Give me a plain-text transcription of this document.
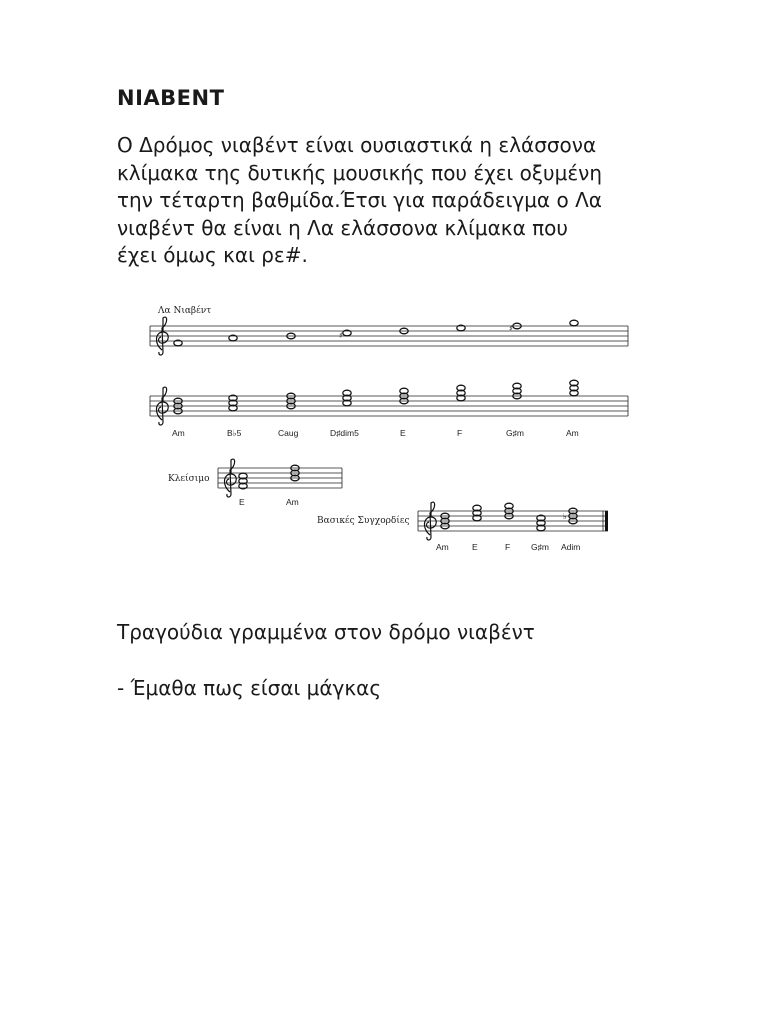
NIABENT
Ο Δρόμος νιαβέντ είναι ουσιαστικά η ελάσσονα
κλίμακα της δυτικής μουσικής που έχει οξυμένη
την τέταρτη βαθμίδα.Έτσι για παράδειγμα ο Λα
νιαβέντ θα είναι η Λα ελάσσονα κλίμακα που
έχει όμως και ρε#.
Λα Νιαβέντ
♯
♯
Am	B♭5	Caug	D♯dim5	E	F	G♯m	Am
Κλείσιμο
E	Am
Βασικές Συγχορδίες	♭
Am	E	F G♯m Adim
Τραγούδια γραμμένα στον δρόμο νιαβέντ
- Έμαθα πως είσαι μάγκας
